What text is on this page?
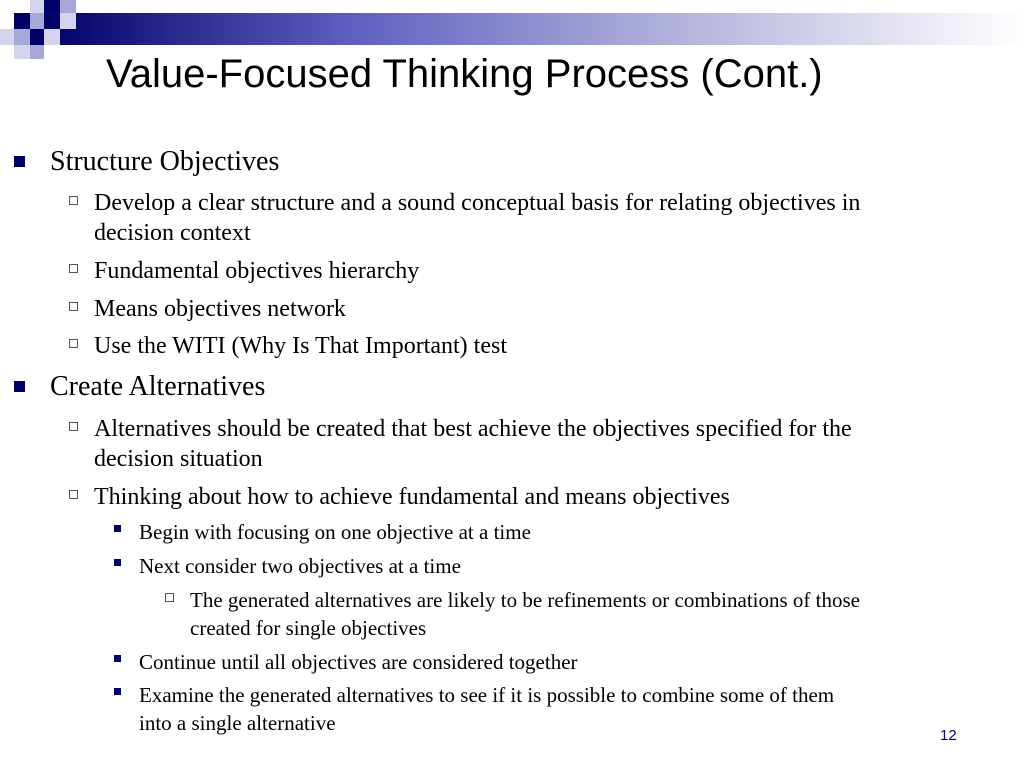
Value-Focused Thinking Process (Cont.)
Structure Objectives
Develop a clear structure and a sound conceptual basis for relating objectives in
decision context
Fundamental objectives hierarchy
Means objectives network
Use the WITI (Why Is That Important) test
Create Alternatives
Alternatives should be created that best achieve the objectives specified for the
decision situation
Thinking about how to achieve fundamental and means objectives
Begin with focusing on one objective at a time
Next consider two objectives at a time
The generated alternatives are likely to be refinements or combinations of those
created for single objectives
Continue until all objectives are considered together
Examine the generated alternatives to see if it is possible to combine some of them
into a single alternative
12
